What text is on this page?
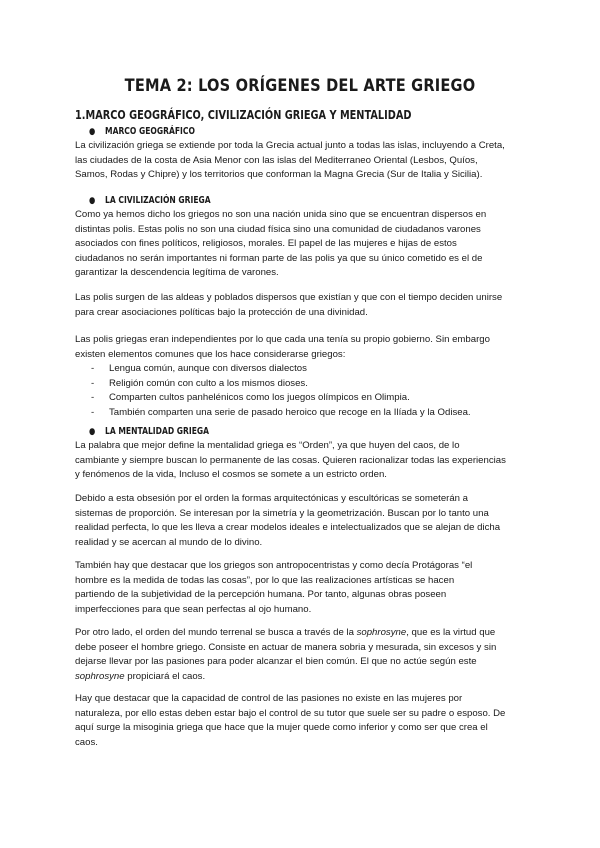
TEMA 2: LOS ORÍGENES DEL ARTE GRIEGO
1.MARCO GEOGRÁFICO, CIVILIZACIÓN GRIEGA Y MENTALIDAD
● MARCO GEOGRÁFICO

La civilización griega se extiende por toda la Grecia actual junto a todas las islas, incluyendo a Creta,
las ciudades de la costa de Asia Menor con las islas del Mediterraneo Oriental (Lesbos, Quíos,
Samos, Rodas y Chipre) y los territorios que conforman la Magna Grecia (Sur de Italia y Sicilia).

● LA CIVILIZACIÓN GRIEGA

Como ya hemos dicho los griegos no son una nación unida sino que se encuentran dispersos en
distintas polis. Estas polis no son una ciudad física sino una comunidad de ciudadanos varones
asociados con fines políticos, religiosos, morales. El papel de las mujeres e hijas de estos
ciudadanos no serán importantes ni forman parte de las polis ya que su único cometido es el de
garantizar la descendencia legítima de varones.

Las polis surgen de las aldeas y poblados dispersos que existían y que con el tiempo deciden unirse
para crear asociaciones políticas bajo la protección de una divinidad.

Las polis griegas eran independientes por lo que cada una tenía su propio gobierno. Sin embargo
existen elementos comunes que los hace considerarse griegos:

- Lengua común, aunque con diversos dialectos
- Religión común con culto a los mismos dioses.
- Comparten cultos panhelénicos como los juegos olímpicos en Olimpia.
- También comparten una serie de pasado heroico que recoge en la Ilíada y la Odisea.
● LA MENTALIDAD GRIEGA

La palabra que mejor define la mentalidad griega es “Orden”, ya que huyen del caos, de lo
cambiante y siempre buscan lo permanente de las cosas. Quieren racionalizar todas las experiencias
y fenómenos de la vida, Incluso el cosmos se somete a un estricto orden.

Debido a esta obsesión por el orden la formas arquitectónicas y escultóricas se someterán a
sistemas de proporción. Se interesan por la simetría y la geometrización. Buscan por lo tanto una
realidad perfecta, lo que les lleva a crear modelos ideales e intelectualizados que se alejan de dicha
realidad y se acercan al mundo de lo divino.

También hay que destacar que los griegos son antropocentristas y como decía Protágoras “el
hombre es la medida de todas las cosas”, por lo que las realizaciones artísticas se hacen
partiendo de la subjetividad de la percepción humana. Por tanto, algunas obras poseen
imperfecciones para que sean perfectas al ojo humano.

Por otro lado, el orden del mundo terrenal se busca a través de la sophrosyne, que es la virtud que
debe poseer el hombre griego. Consiste en actuar de manera sobria y mesurada, sin excesos y sin
dejarse llevar por las pasiones para poder alcanzar el bien común. El que no actúe según este
sophrosyne propiciará el caos.

Hay que destacar que la capacidad de control de las pasiones no existe en las mujeres por
naturaleza, por ello estas deben estar bajo el control de su tutor que suele ser su padre o esposo. De
aquí surge la misoginia griega que hace que la mujer quede como inferior y como ser que crea el
caos.
